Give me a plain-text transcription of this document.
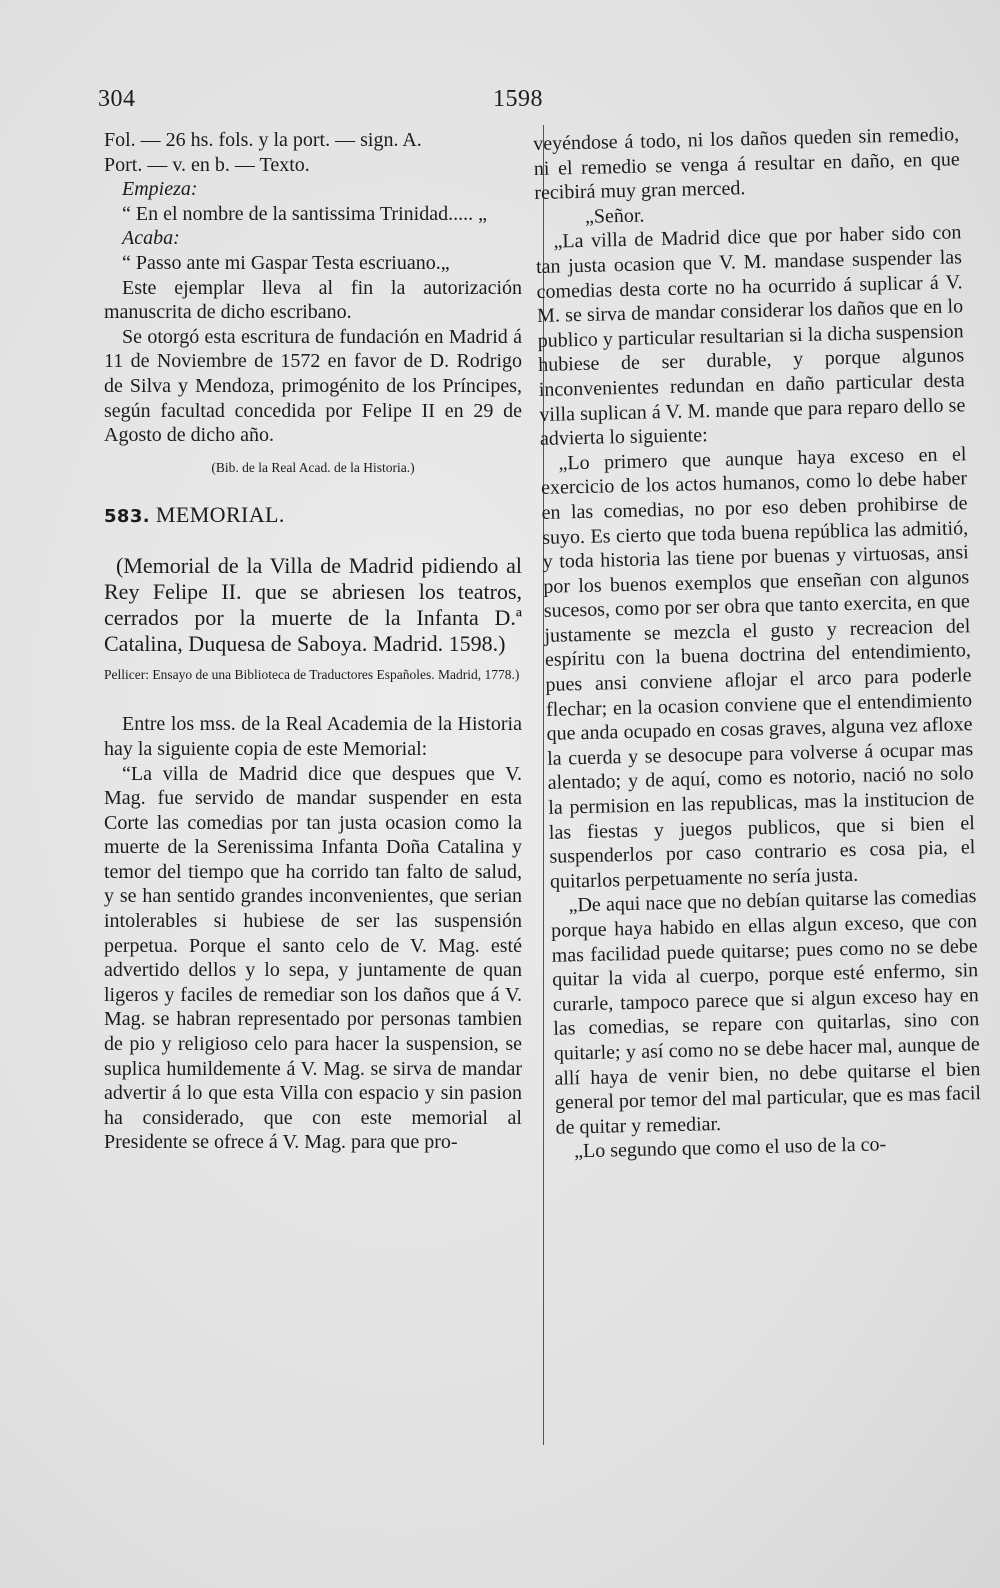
304	1598

Fol. — 26 hs. fols. y la port. — sign. A.

Port. — v. en b. — Texto.

Empieza:

“ En el nombre de la santissima Trinidad..... „

Acaba:

“ Passo ante mi Gaspar Testa escriuano.„

Este ejemplar lleva al fin la autorización manuscrita de dicho escribano.

Se otorgó esta escritura de fundación en Madrid á 11 de Noviembre de 1572 en favor de D. Rodrigo de Silva y Mendoza, primogénito de los Príncipes, según facultad concedida por Felipe II en 29 de Agosto de dicho año.

(Bib. de la Real Acad. de la Historia.)

583. MEMORIAL.

(Memorial de la Villa de Madrid pidiendo al Rey Felipe II. que se abriesen los teatros, cerrados por la muerte de la Infanta D.ª Catalina, Duquesa de Saboya. Madrid. 1598.)

Pellicer: Ensayo de una Biblioteca de Traductores Españoles. Madrid, 1778.)

Entre los mss. de la Real Academia de la Historia hay la siguiente copia de este Memorial:

“La villa de Madrid dice que despues que V. Mag. fue servido de mandar suspender en esta Corte las comedias por tan justa ocasion como la muerte de la Serenissima Infanta Doña Catalina y temor del tiempo que ha corrido tan falto de salud, y se han sentido grandes inconvenientes, que serian intolerables si hubiese de ser las suspensión perpetua. Porque el santo celo de V. Mag. esté advertido dellos y lo sepa, y juntamente de quan ligeros y faciles de remediar son los daños que á V. Mag. se habran representado por personas tambien de pio y religioso celo para hacer la suspension, se suplica humildemente á V. Mag. se sirva de mandar advertir á lo que esta Villa con espacio y sin pasion ha considerado, que con este memorial al Presidente se ofrece á V. Mag. para que pro-

veyéndose á todo, ni los daños queden sin remedio, ni el remedio se venga á resultar en daño, en que recibirá muy gran merced.

„Señor.

„La villa de Madrid dice que por haber sido con tan justa ocasion que V. M. mandase suspender las comedias desta corte no ha ocurrido á suplicar á V. M. se sirva de mandar considerar los daños que en lo publico y particular resultarian si la dicha suspension hubiese de ser durable, y porque algunos inconvenientes redundan en daño particular desta villa suplican á V. M. mande que para reparo dello se advierta lo siguiente:

„Lo primero que aunque haya exceso en el exercicio de los actos humanos, como lo debe haber en las comedias, no por eso deben prohibirse de suyo. Es cierto que toda buena república las admitió, y toda historia las tiene por buenas y virtuosas, ansi por los buenos exemplos que enseñan con algunos sucesos, como por ser obra que tanto exercita, en que justamente se mezcla el gusto y recreacion del espíritu con la buena doctrina del entendimiento, pues ansi conviene aflojar el arco para poderle flechar; en la ocasion conviene que el entendimiento que anda ocupado en cosas graves, alguna vez afloxe la cuerda y se desocupe para volverse á ocupar mas alentado; y de aquí, como es notorio, nació no solo la permision en las republicas, mas la institucion de las fiestas y juegos publicos, que si bien el suspenderlos por caso contrario es cosa pia, el quitarlos perpetuamente no sería justa.

„De aqui nace que no debían quitarse las comedias porque haya habido en ellas algun exceso, que con mas facilidad puede quitarse; pues como no se debe quitar la vida al cuerpo, porque esté enfermo, sin curarle, tampoco parece que si algun exceso hay en las comedias, se repare con quitarlas, sino con quitarle; y así como no se debe hacer mal, aunque de allí haya de venir bien, no debe quitarse el bien general por temor del mal particular, que es mas facil de quitar y remediar.

„Lo segundo que como el uso de la co-
